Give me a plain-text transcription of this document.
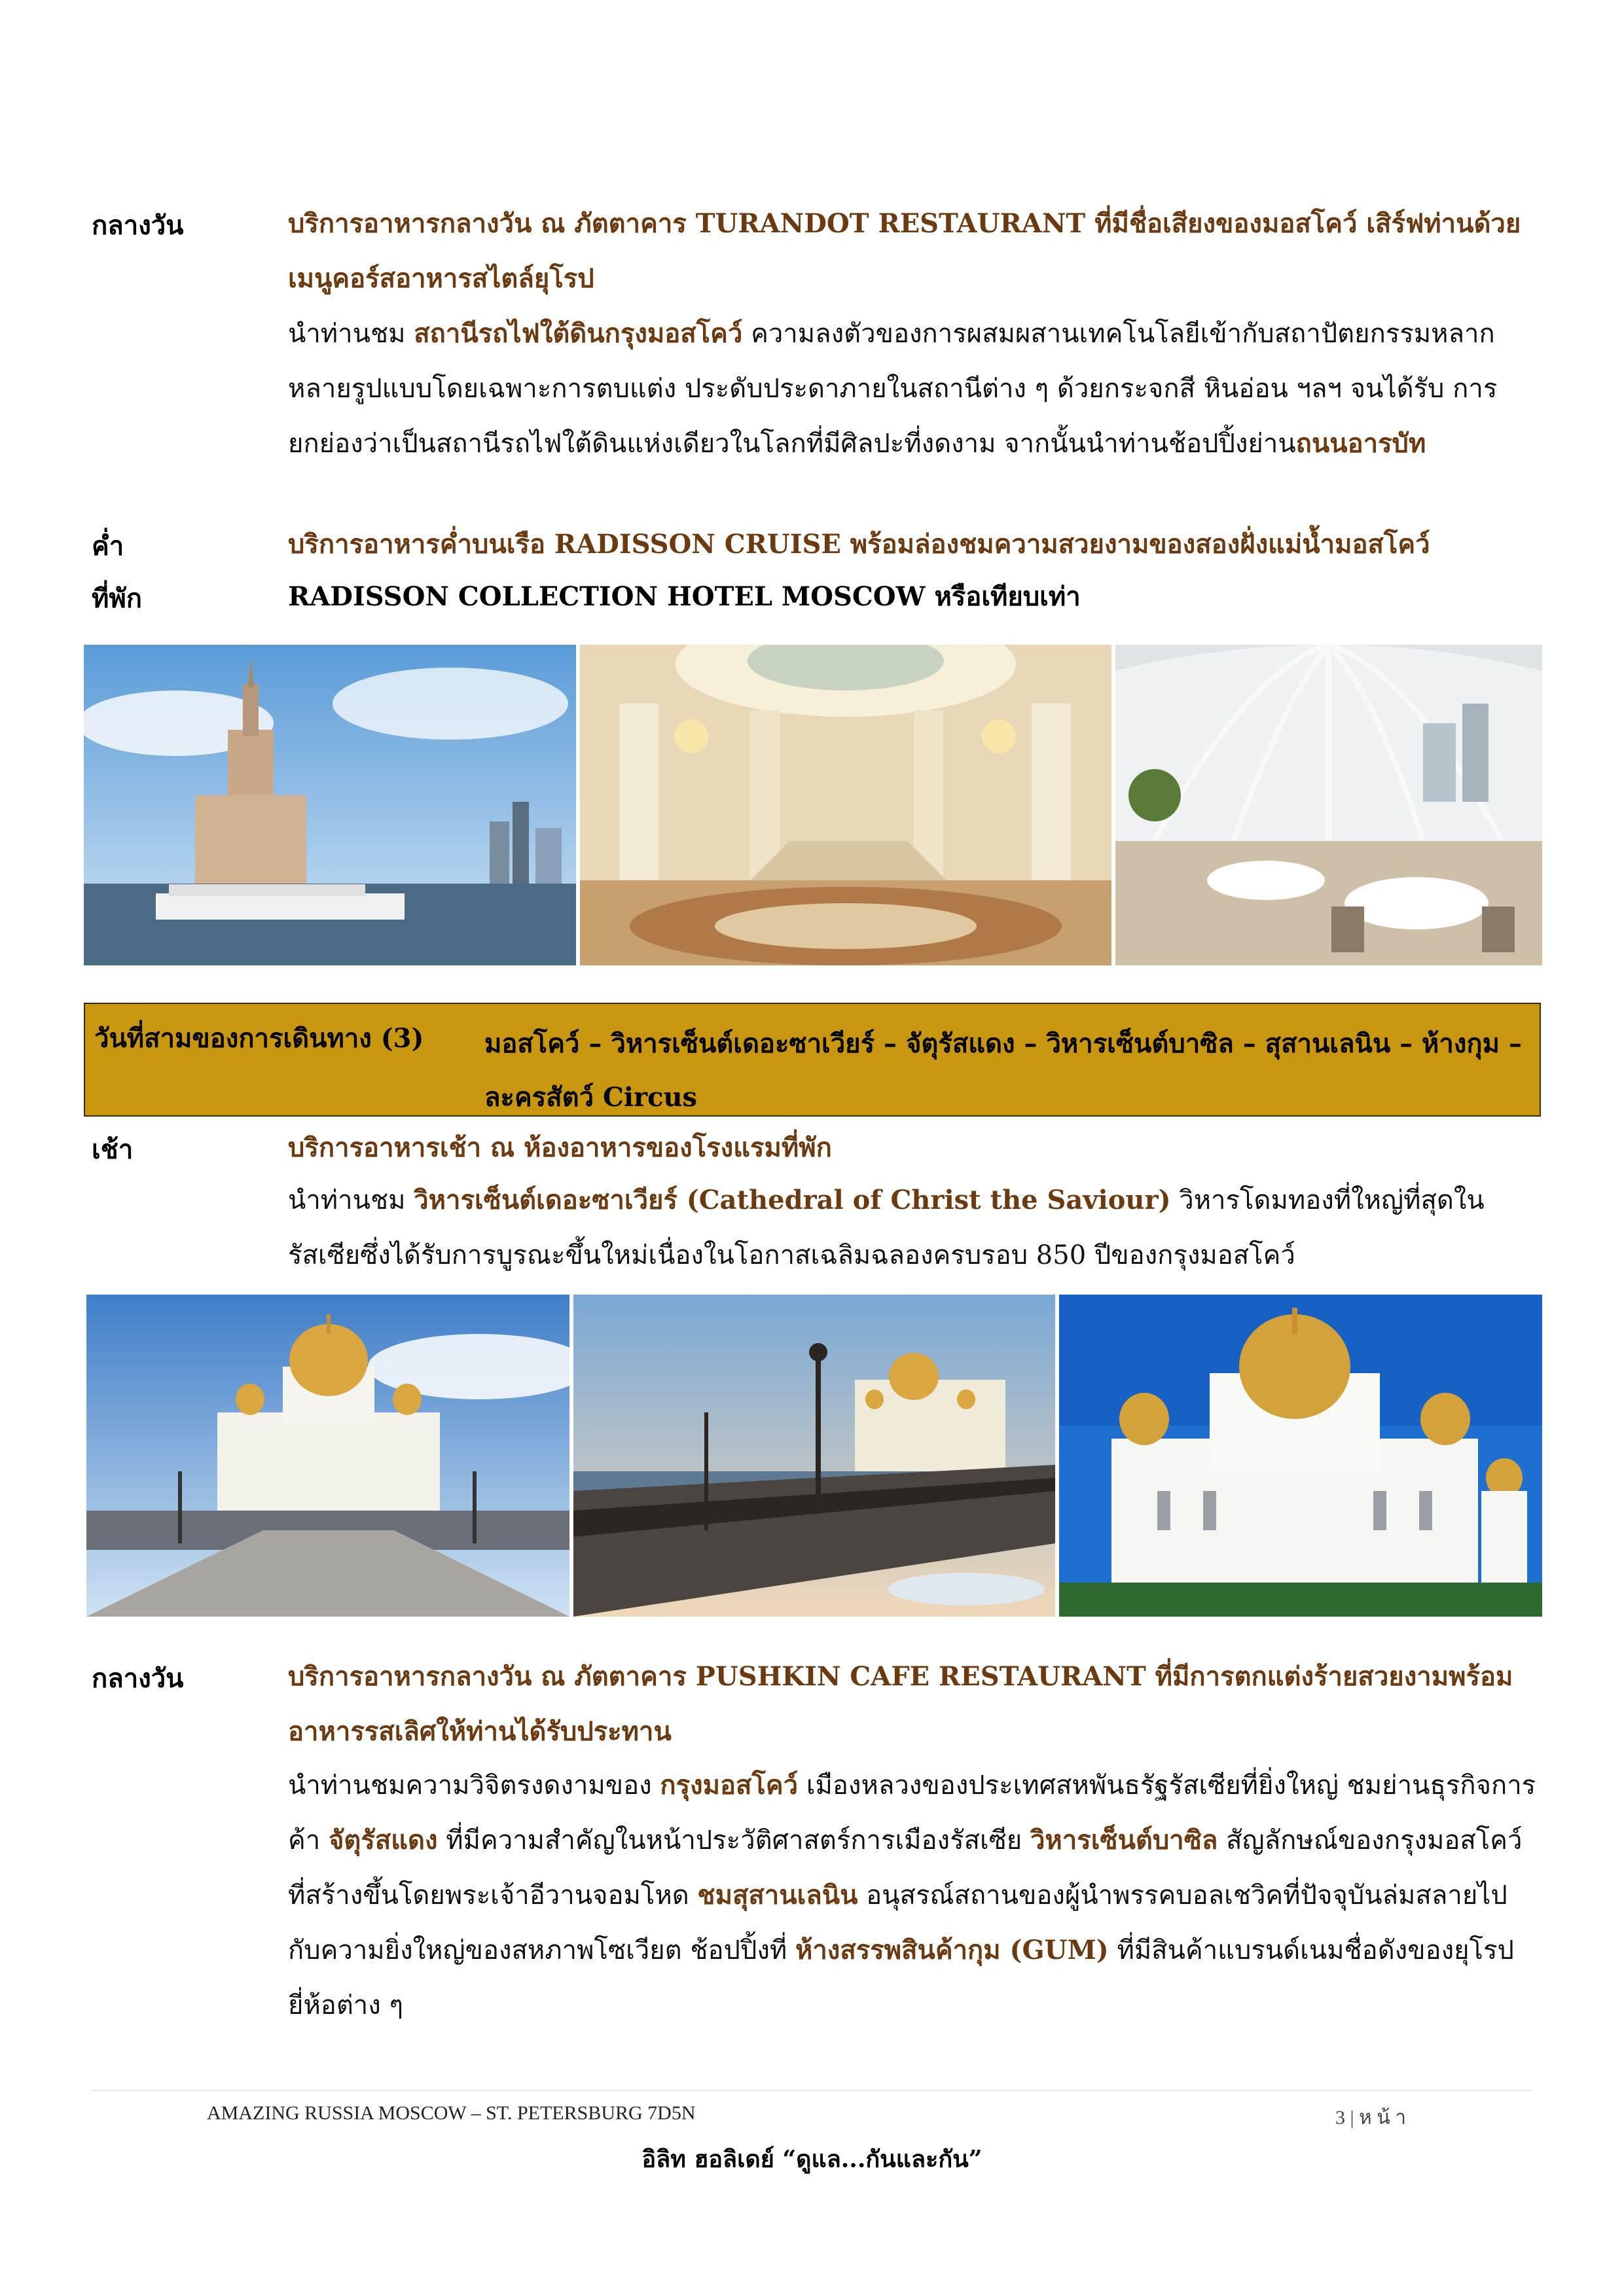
กลางวัน	บริการอาหารกลางวัน ณ ภัตตาคาร TURANDOT RESTAURANT ที่มีชื่อเสียงของมอสโคว์ เสิร์ฟท่านด้วยเมนูคอร์สอาหารสไตล์ยุโรป
นำท่านชม สถานีรถไฟใต้ดินกรุงมอสโคว์ ความลงตัวของการผสมผสานเทคโนโลยีเข้ากับสถาปัตยกรรมหลากหลายรูปแบบโดยเฉพาะการตบแต่ง ประดับประดาภายในสถานีต่าง ๆ ด้วยกระจกสี หินอ่อน ฯลฯ จนได้รับ การยกย่องว่าเป็นสถานีรถไฟใต้ดินแห่งเดียวในโลกที่มีศิลปะที่งดงาม จากนั้นนำท่านช้อปปิ้งย่านถนนอารบัท
ค่ำ	บริการอาหารค่ำบนเรือ RADISSON CRUISE พร้อมล่องชมความสวยงามของสองฝั่งแม่น้ำมอสโคว์
ที่พัก	RADISSON COLLECTION HOTEL MOSCOW หรือเทียบเท่า
วันที่สามของการเดินทาง (3) มอสโคว์ – วิหารเซ็นต์เดอะซาเวียร์ – จัตุรัสแดง – วิหารเซ็นต์บาซิล – สุสานเลนิน – ห้างกุม – ละครสัตว์ Circus
เช้า	บริการอาหารเช้า ณ ห้องอาหารของโรงแรมที่พัก
นำท่านชม วิหารเซ็นต์เดอะซาเวียร์ (Cathedral of Christ the Saviour) วิหารโดมทองที่ใหญ่ที่สุดในรัสเซียซึ่งได้รับการบูรณะขึ้นใหม่เนื่องในโอกาสเฉลิมฉลองครบรอบ 850 ปีของกรุงมอสโคว์
กลางวัน	บริการอาหารกลางวัน ณ ภัตตาคาร PUSHKIN CAFE RESTAURANT ที่มีการตกแต่งร้ายสวยงามพร้อมอาหารรสเลิศให้ท่านได้รับประทาน
นำท่านชมความวิจิตรงดงามของ กรุงมอสโคว์ เมืองหลวงของประเทศสหพันธรัฐรัสเซียที่ยิ่งใหญ่ ชมย่านธุรกิจการค้า จัตุรัสแดง ที่มีความสำคัญในหน้าประวัติศาสตร์การเมืองรัสเซีย วิหารเซ็นต์บาซิล สัญลักษณ์ของกรุงมอสโคว์ ที่สร้างขึ้นโดยพระเจ้าอีวานจอมโหด ชมสุสานเลนิน อนุสรณ์สถานของผู้นำพรรคบอลเชวิคที่ปัจจุบันล่มสลายไปกับความยิ่งใหญ่ของสหภาพโซเวียต ช้อปปิ้งที่ ห้างสรรพสินค้ากุม (GUM) ที่มีสินค้าแบรนด์เนมชื่อดังของยุโรปยี่ห้อต่าง ๆ
AMAZING RUSSIA MOSCOW – ST. PETERSBURG 7D5N	3 | ห น้ า
อิลิท ฮอลิเดย์ “ดูแล...กันและกัน”
